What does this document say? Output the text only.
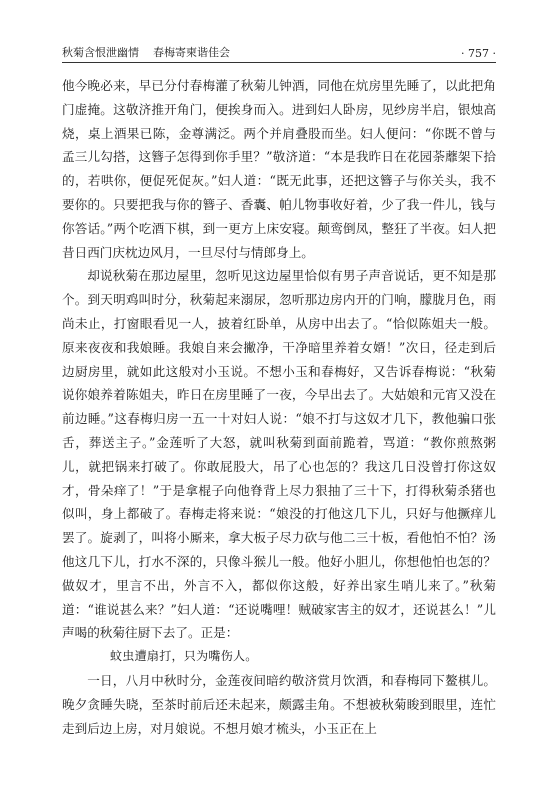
秋菊含恨泄幽情 春梅寄柬谐佳会	· 757 ·

他今晚必来，早已分付春梅灌了秋菊儿钟酒，同他在炕房里先睡了，以此把角门虚掩。这敬济推开角门，便挨身而入。进到妇人卧房，见纱房半启，银烛高烧，桌上酒果已陈，金尊满泛。两个并肩叠股而坐。妇人便问：“你既不曾与孟三儿勾搭，这簪子怎得到你手里？”敬济道：“本是我昨日在花园荼蘼架下拾的，若哄你，便促死促灰。”妇人道：“既无此事，还把这簪子与你关头，我不要你的。只要把我与你的簪子、香囊、帕儿物事收好着，少了我一件儿，钱与你答话。”两个吃酒下棋，到一更方上床安寝。颠鸾倒凤，整狂了半夜。妇人把昔日西门庆枕边风月，一旦尽付与情郎身上。

却说秋菊在那边屋里，忽听见这边屋里恰似有男子声音说话，更不知是那个。到天明鸡叫时分，秋菊起来溺尿，忽听那边房内开的门响，朦胧月色，雨尚未止，打窗眼看见一人，披着红卧单，从房中出去了。“恰似陈姐夫一般。原来夜夜和我娘睡。我娘自来会撇净，干净暗里养着女婿！”次日，径走到后边厨房里，就如此这般对小玉说。不想小玉和春梅好，又告诉春梅说：“秋菊说你娘养着陈姐夫，昨日在房里睡了一夜，今早出去了。大姑娘和元宵又没在前边睡。”这春梅归房一五一十对妇人说：“娘不打与这奴才几下，教他骗口张舌，葬送主子。”金莲听了大怒，就叫秋菊到面前跪着，骂道：“教你煎熬粥儿，就把锅来打破了。你敢屁股大，吊了心也怎的？我这几日没曾打你这奴才，骨朵痒了！”于是拿棍子向他脊背上尽力狠抽了三十下，打得秋菊杀猪也似叫，身上都破了。春梅走将来说：“娘没的打他这几下儿，只好与他撅痒儿罢了。旋剥了，叫将小厮来，拿大板子尽力砍与他二三十板，看他怕不怕？汤他这几下儿，打水不深的，只像斗猴儿一般。他好小胆儿，你想他怕也怎的？做奴才，里言不出，外言不入，都似你这般，好养出家生哨儿来了。”秋菊道：“谁说甚么来？”妇人道：“还说嘴哩！贼破家害主的奴才，还说甚么！”儿声喝的秋菊往厨下去了。正是：

蚊虫遭扇打，只为嘴伤人。

一日，八月中秋时分，金莲夜间暗约敬济赏月饮酒，和春梅同下鳌棋儿。晚夕贪睡失晓，至茶时前后还未起来，颇露圭角。不想被秋菊睃到眼里，连忙走到后边上房，对月娘说。不想月娘才梳头，小玉正在上
